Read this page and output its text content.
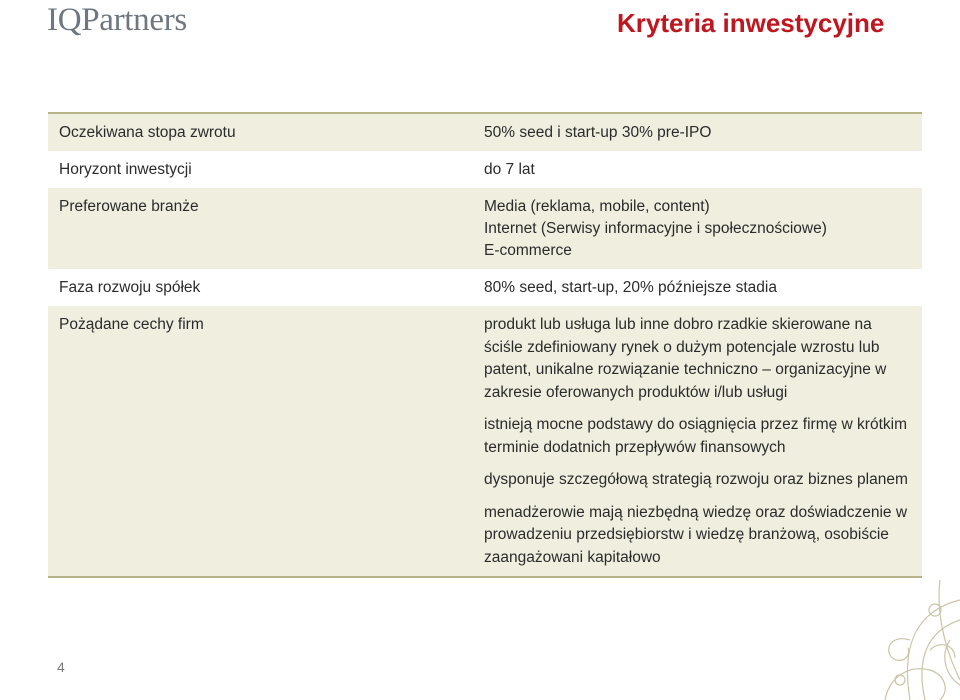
IQPartners	Kryteria inwestycyjne
Oczekiwana stopa zwrotu	50% seed i start-up 30% pre-IPO
Horyzont inwestycji	do 7 lat
Preferowane branże	Media (reklama, mobile, content)
Internet (Serwisy informacyjne i społecznościowe)
E-commerce
Faza rozwoju spółek	80% seed, start-up, 20% późniejsze stadia
Pożądane cechy firm	produkt lub usługa lub inne dobro rzadkie skierowane na ściśle zdefiniowany rynek o dużym potencjale wzrostu lub patent, unikalne rozwiązanie techniczno – organizacyjne w zakresie oferowanych produktów i/lub usługi
istnieją mocne podstawy do osiągnięcia przez firmę w krótkim terminie dodatnich przepływów finansowych
dysponuje szczegółową strategią rozwoju oraz biznes planem
menadżerowie mają niezbędną wiedzę oraz doświadczenie w prowadzeniu przedsiębiorstw i wiedzę branżową, osobiście zaangażowani kapitałowo
4
